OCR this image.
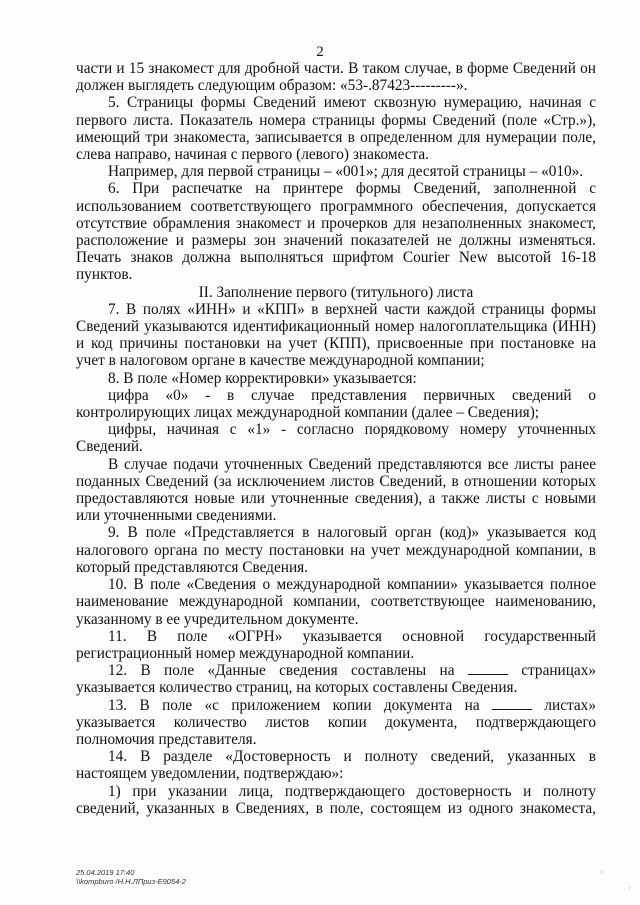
2

части и 15 знакомест для дробной части. В таком случае, в форме Сведений он должен выглядеть следующим образом: «53-.87423---------».

5. Страницы формы Сведений имеют сквозную нумерацию, начиная с первого листа. Показатель номера страницы формы Сведений (поле «Стр.»), имеющий три знакоместа, записывается в определенном для нумерации поле, слева направо, начиная с первого (левого) знакоместа.

Например, для первой страницы – «001»; для десятой страницы – «010».

6. При распечатке на принтере формы Сведений, заполненной с использованием соответствующего программного обеспечения, допускается отсутствие обрамления знакомест и прочерков для незаполненных знакомест, расположение и размеры зон значений показателей не должны изменяться. Печать знаков должна выполняться шрифтом Courier New высотой 16-18 пунктов.

II. Заполнение первого (титульного) листа

7. В полях «ИНН» и «КПП» в верхней части каждой страницы формы Сведений указываются идентификационный номер налогоплательщика (ИНН) и код причины постановки на учет (КПП), присвоенные при постановке на учет в налоговом органе в качестве международной компании;

8. В поле «Номер корректировки» указывается:

цифра «0» - в случае представления первичных сведений о контролирующих лицах международной компании (далее – Сведения);

цифры, начиная с «1» - согласно порядковому номеру уточненных Сведений.

В случае подачи уточненных Сведений представляются все листы ранее поданных Сведений (за исключением листов Сведений, в отношении которых предоставляются новые или уточненные сведения), а также листы с новыми или уточненными сведениями.

9. В поле «Представляется в налоговый орган (код)» указывается код налогового органа по месту постановки на учет международной компании, в который представляются Сведения.

10. В поле «Сведения о международной компании» указывается полное наименование международной компании, соответствующее наименованию, указанному в ее учредительном документе.

11. В поле «ОГРН» указывается основной государственный регистрационный номер международной компании.

12. В поле «Данные сведения составлены на	страницах» указывается количество страниц, на которых составлены Сведения.

13. В поле «с приложением копии документа на	листах» указывается количество листов копии документа, подтверждающего полномочия представителя.

14. В разделе «Достоверность и полноту сведений, указанных в настоящем уведомлении, подтверждаю»:

1) при указании лица, подтверждающего достоверность и полноту сведений, указанных в Сведениях, в поле, состоящем из одного знакоместа,

25.04.2019 17:40
\\kompburo /Н.Н.ЛПриз-Е9054-2
·
·
